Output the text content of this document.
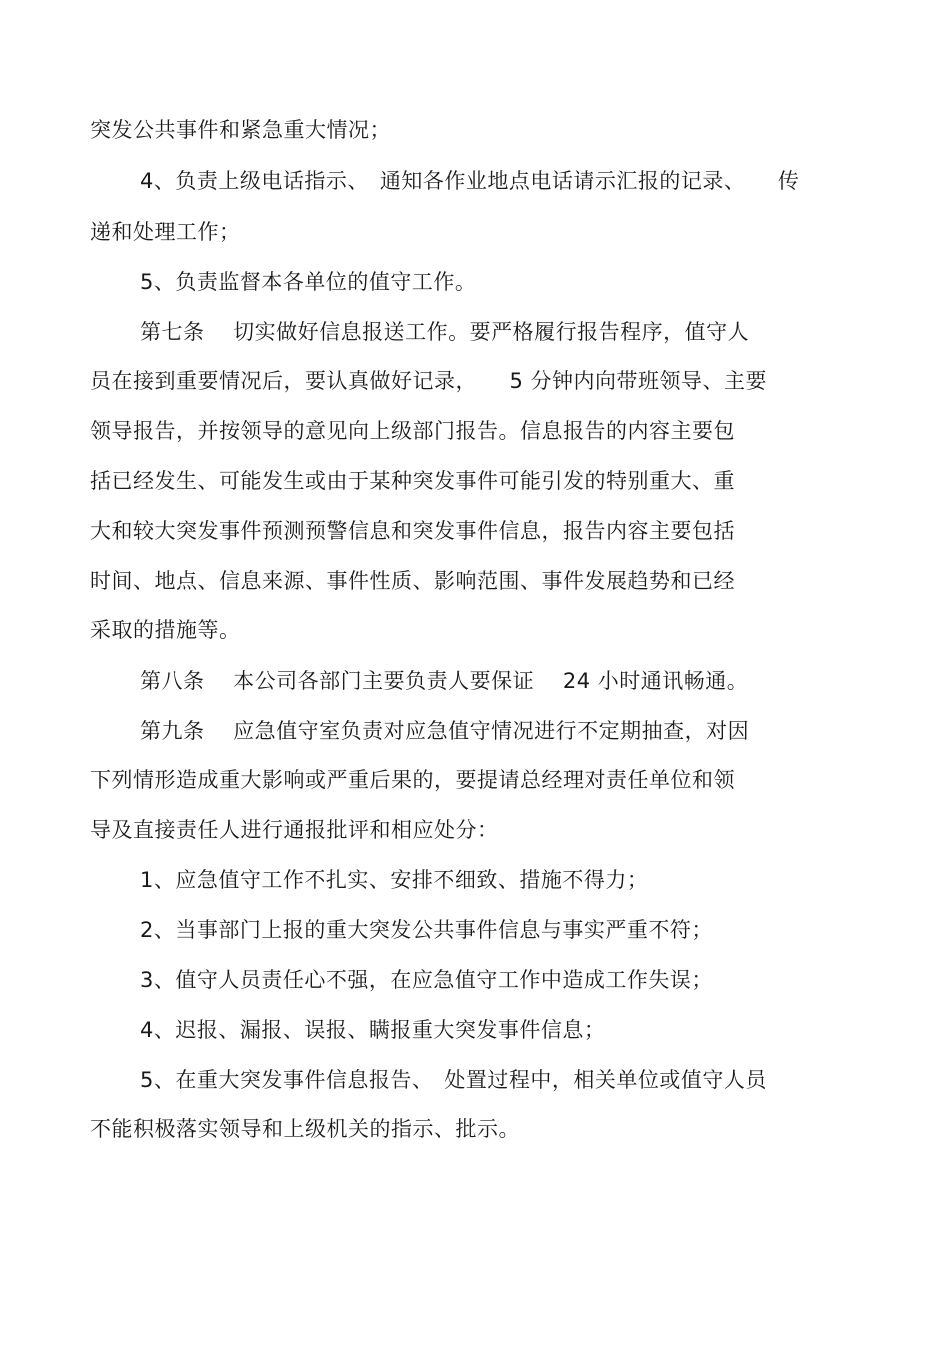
突发公共事件和紧急重大情况；
4、负责上级电话指示、　通知各作业地点电话请示汇报的记录、　　传
递和处理工作；
5、负责监督本各单位的值守工作。
第七条　 切实做好信息报送工作。要严格履行报告程序，值守人
员在接到重要情况后，要认真做好记录，　　5 分钟内向带班领导、主要
领导报告，并按领导的意见向上级部门报告。信息报告的内容主要包
括已经发生、可能发生或由于某种突发事件可能引发的特别重大、重
大和较大突发事件预测预警信息和突发事件信息，报告内容主要包括
时间、地点、信息来源、事件性质、影响范围、事件发展趋势和已经
采取的措施等。
第八条　 本公司各部门主要负责人要保证　 24 小时通讯畅通。
第九条　 应急值守室负责对应急值守情况进行不定期抽查，对因
下列情形造成重大影响或严重后果的，要提请总经理对责任单位和领
导及直接责任人进行通报批评和相应处分：
1、应急值守工作不扎实、安排不细致、措施不得力；
2、当事部门上报的重大突发公共事件信息与事实严重不符；
3、值守人员责任心不强，在应急值守工作中造成工作失误；
4、迟报、漏报、误报、瞒报重大突发事件信息；
5、在重大突发事件信息报告、　处置过程中，相关单位或值守人员
不能积极落实领导和上级机关的指示、批示。
